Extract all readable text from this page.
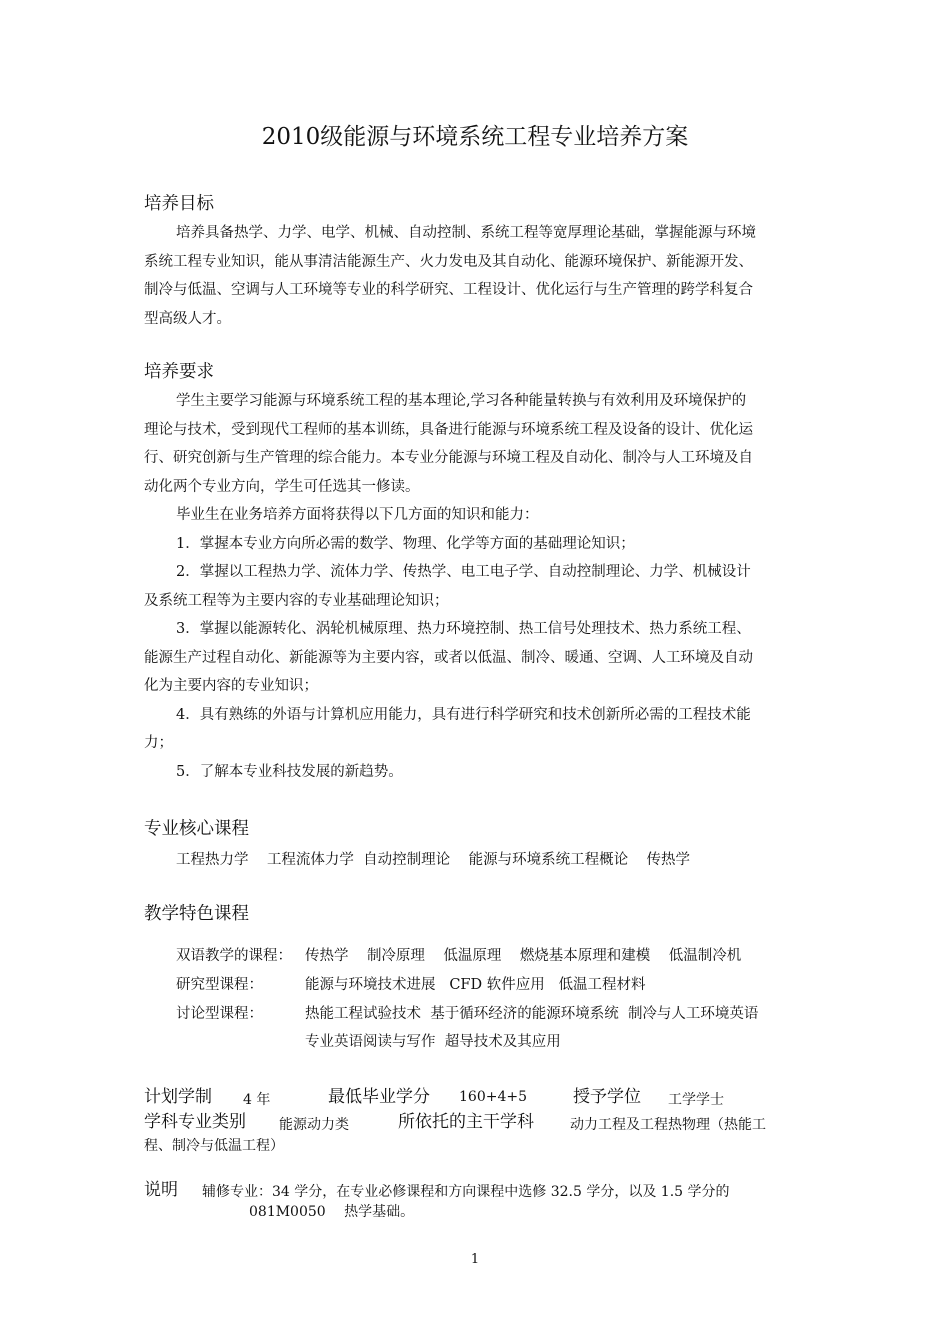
2010级能源与环境系统工程专业培养方案
培养目标
培养具备热学、力学、电学、机械、自动控制、系统工程等宽厚理论基础，掌握能源与环境
系统工程专业知识，能从事清洁能源生产、火力发电及其自动化、能源环境保护、新能源开发、
制冷与低温、空调与人工环境等专业的科学研究、工程设计、优化运行与生产管理的跨学科复合
型高级人才。
培养要求
学生主要学习能源与环境系统工程的基本理论,学习各种能量转换与有效利用及环境保护的
理论与技术，受到现代工程师的基本训练，具备进行能源与环境系统工程及设备的设计、优化运
行、研究创新与生产管理的综合能力。本专业分能源与环境工程及自动化、制冷与人工环境及自
动化两个专业方向，学生可任选其一修读。
毕业生在业务培养方面将获得以下几方面的知识和能力：
1．掌握本专业方向所必需的数学、物理、化学等方面的基础理论知识；
2．掌握以工程热力学、流体力学、传热学、电工电子学、自动控制理论、力学、机械设计
及系统工程等为主要内容的专业基础理论知识；
3．掌握以能源转化、涡轮机械原理、热力环境控制、热工信号处理技术、热力系统工程、
能源生产过程自动化、新能源等为主要内容，或者以低温、制冷、暖通、空调、人工环境及自动
化为主要内容的专业知识；
4．具有熟练的外语与计算机应用能力，具有进行科学研究和技术创新所必需的工程技术能
力；
5．了解本专业科技发展的新趋势。
专业核心课程
工程热力学 工程流体力学 自动控制理论 能源与环境系统工程概论 传热学
教学特色课程
双语教学的课程： 传热学 制冷原理 低温原理 燃烧基本原理和建模 低温制冷机
研究型课程：	能源与环境技术进展 CFD 软件应用 低温工程材料
讨论型课程：	热能工程试验技术 基于循环经济的能源环境系统 制冷与人工环境英语
专业英语阅读与写作 超导技术及其应用
计划学制 4 年	最低毕业学分 160+4+5	授予学位 工学学士
学科专业类别 能源动力类	所依托的主干学科	动力工程及工程热物理（热能工
程、制冷与低温工程）
说明 辅修专业：34 学分，在专业必修课程和方向课程中选修 32.5 学分，以及 1.5 学分的
081M0050　 热学基础。
1
